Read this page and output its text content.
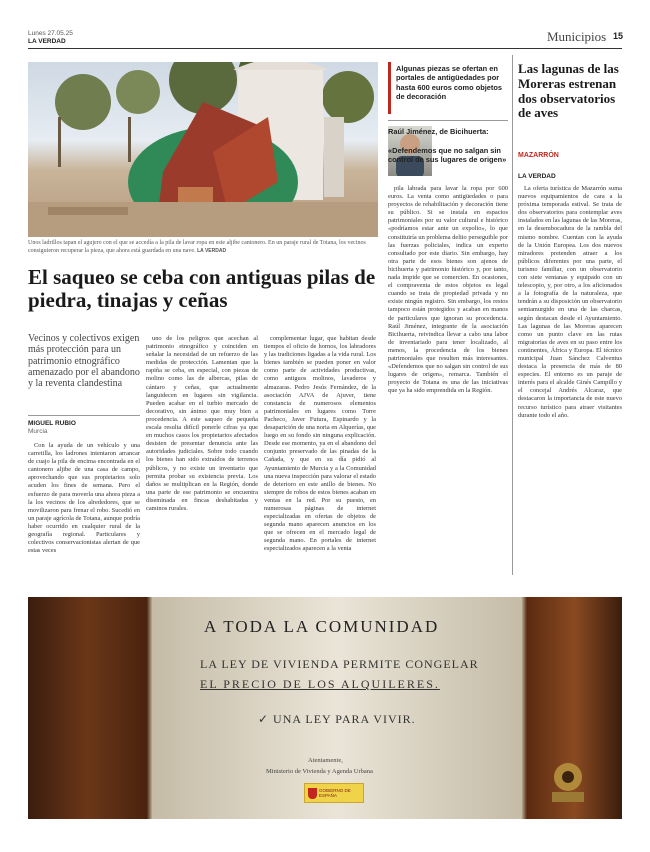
Lunes 27.05.25
LA VERDAD	Municipios 15
Unos ladrillos tapan el agujero con el que se accedía a la pila de lavar ropa en este aljibe cantonero. En un paraje rural de Totana, los vecinos consiguieron recuperar la pieza, que ahora está guardada en una nave. LA VERDAD
El saqueo se ceba con antiguas pilas de piedra, tinajas y ceñas
Vecinos y colectivos exigen más protección para un patrimonio etnográfico amenazado por el abandono y la reventa clandestina
MIGUEL RUBIO
Murcia
Algunas piezas se ofertan en portales de antigüedades por hasta 600 euros como objetos de decoración
Raúl Jiménez, de Bicihuerta:
«Defendemos que no salgan sin control de sus lugares de origen»

Con la ayuda de un vehículo y una carretilla, los ladrones intentaron arrancar de cuajo la pila de encima encontrada en el cantonero aljibe de una casa de campo, aprovechando que sus propietarios solo acuden los fines de semana. Pero el esfuerzo de para moverla una ahora pieza a la los vecinos de los alrededores, que se movilizaron para frenar el robo. Sucedió en un paraje agrícola de Totana, aunque podría haber ocurrido en cualquier rural de la geografía regional. Particulares y colectivos conservacionistas alertan de que estas veces

uno de los peligros que acechan al patrimonio etnográfico y coinciden en señalar la necesidad de un refuerzo de las medidas de protección. Lamentan que la rapiña se ceba, en especial, con piezas de molino como las de albercas, pilas de cántaro y ceñas, que actualmente languidecen en lugares sin vigilancia. Pueden acabar en el turbio mercado de decorativo, sin ánimo que muy bien a procedencia. A este saqueo de pequeña escala resulta difícil ponerle cifras ya que en muchos casos los propietarios afectados desisten de presentar denuncia ante las autoridades judiciales. Sobre todo cuando los bienes han sido extraídos de terrenos públicos, y no existe un inventario que permita probar su existencia previa. Los daños se multiplican en la Región, donde una parte de ese patrimonio se encuentra diseminada en fincas deshabitadas y caminos rurales.

complementar lugar, que habitan desde tiempos el oficio de hornos, los labradores y las tradiciones ligadas a la vida rural. Los bienes también se pueden poner en valor como parte de actividades productivas, como antiguos molinos, lavaderos y almazaras. Pedro Jesús Fernández, de la asociación AJVA de Ajuver, tiene constancia de numerosos elementos patrimoniales en lugares como Torre Pacheco, Javer Futura, Espinardo y la desaparición de una noria en Alquerías, que luego en su fondo sin ninguna explicación. Desde ese momento, ya en el abandono del conjunto preservado de las pinadas de la Cañada, y que en su día pidió al Ayuntamiento de Murcia y a la Comunidad una nueva inspección para valorar el estado de deterioro en este anillo de bienes. No siempre de robos de estos bienes acaban en ventas en la red. Por su puesto, en numerosas páginas de internet especializadas en ofertas de objetos de segunda mano aparecen anuncios en los que se ofrecen en el mercado legal de segunda mano. En portales de internet especializados aparecen a la venta

pila labrada para lavar la ropa por 600 euros. La venta como antigüedades o para proyectos de rehabilitación y decoración tiene su público. Si se instala en espacios patrimoniales por su valor cultural e histórico «podríamos estar ante un expolio», lo que constituiría un problema delito perseguible por las fuerzas policiales, indica un experto consultado por este diario. Sin embargo, hay otra parte de esos bienes son ajenos de bicihuerta y patrimonio histórico y, por tanto, nada impide que se comercien. En ocasiones, el compraventa de estos objetos es legal cuando se trata de propiedad privada y no existe ningún registro. Sin embargo, los restos tampoco están protegidos y acaban en manos de particulares que ignoran su procedencia. Raúl Jiménez, integrante de la asociación Bicihuerta, reivindica llevar a cabo una labor de inventariado para tener localizado, al menos, la procedencia de los bienes patrimoniales que resulten más interesantes. «Defendemos que no salgan sin control de sus lugares de origen», remarca. También el proyecto de Totana es una de las iniciativas que ya ha sido emprendida en la Región.

Las lagunas de las Moreras estrenan dos observatorios de aves
MAZARRÓN
LA VERDAD

La oferta turística de Mazarrón suma nuevos equipamientos de cara a la próxima temporada estival. Se trata de dos observatorios para contemplar aves instalados en las lagunas de las Moreras, en la desembocadura de la rambla del mismo nombre. Cuentan con la ayuda de la Unión Europea. Los dos nuevos miradores pretenden atraer a los públicos diferentes por una parte, el turismo familiar, con un observatorio con siete ventanas y equipado con un telescopio, y, por otro, a los aficionados a la fotografía de la naturaleza, que tendrán a su disposición un observatorio semiamurgido en una de las charcas, según destacan desde el Ayuntamiento. Las lagunas de las Moreras aparecen como un punto clave en las rutas migratorias de aves en su paso entre los continentes, África y Europa. El técnico municipal Juan Sánchez Calventus destaca la presencia de más de 80 especies. El entorno es un paraje de interés para el alcalde Ginés Campillo y el concejal Andrés Alcaraz, que destacaron la importancia de este nuevo recurso turístico para atraer visitantes durante todo el año.

A TODA LA COMUNIDAD
LA LEY DE VIVIENDA PERMITE CONGELAR
EL PRECIO DE LOS ALQUILERES.
✓ UNA LEY PARA VIVIR.
Atentamente,
Ministerio de Vivienda y Agenda Urbana
GOBIERNO DE ESPAÑA
